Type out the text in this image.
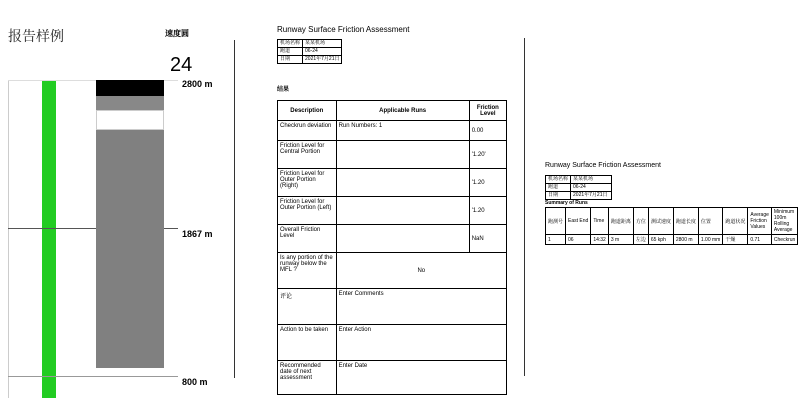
报告样例	速度圆
24
2800 m
1867 m
800 m
Runway Surface Friction Assessment
机场名称	某某机场
跑道	06-24
日期	2021年7月21日
结果
Description	Applicable Runs	Friction Level
Checkrun deviation	Run Numbers: 1	0.00
Friction Level for Central Portion		'1.20'
Friction Level for Outer Portion (Right)		'1.20
Friction Level for Outer Portion (Left)		'1.20
Overall Friction Level		NaN
Is any portion of the runway below the MFL ?	No	
评论	Enter Comments	
Action to be taken	Enter Action	
Recommended date of next assessment	Enter Date	
Runway Surface Friction Assessment
机场名称	某某机场
跑道	06-24
日期	2021年7月21日
Summary of Runs
跑测号	East End	Time	跑道距离	方位	测试速度	跑道长度	位置	跑道状况	Average Friction Values	Minimum 100m Rolling Average
1	06	14:32	3 m	左边	65 kph	2800 m	1.00 mm	干燥	0.71	Checkrun
